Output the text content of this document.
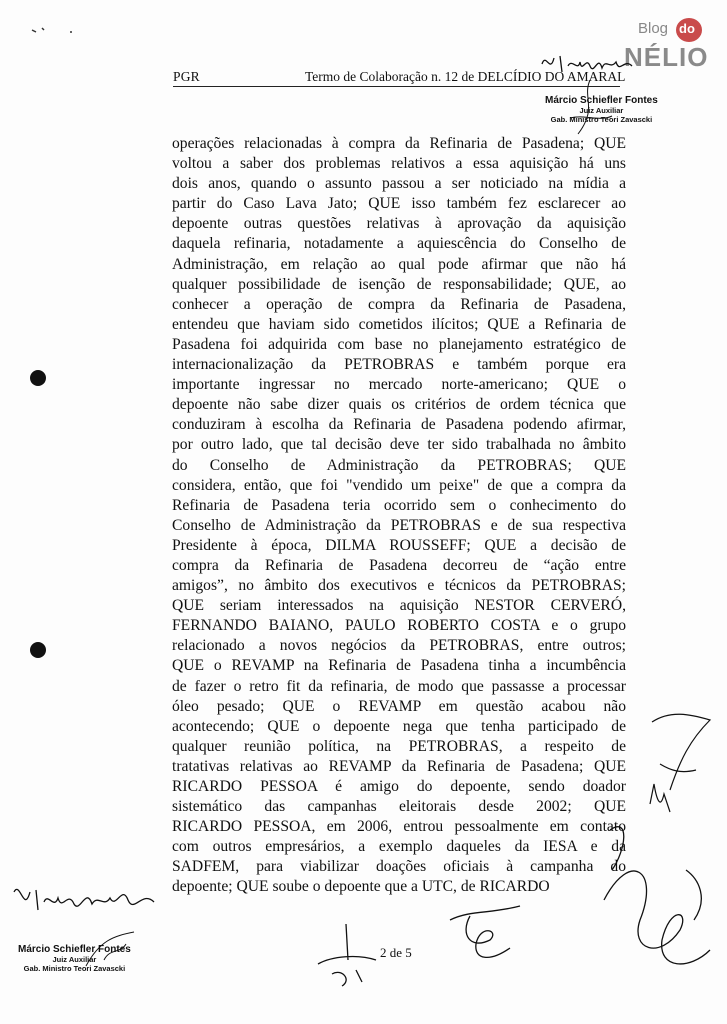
PGR	Termo de Colaboração n. 12 de DELCÍDIO DO AMARAL
Blog do
NÉLIO
Márcio Schiefler Fontes
Juiz Auxiliar
Gab. Ministro Teori Zavascki
operações relacionadas à compra da Refinaria de Pasadena; QUE
voltou a saber dos problemas relativos a essa aquisição há uns
dois anos, quando o assunto passou a ser noticiado na mídia a
partir do Caso Lava Jato; QUE isso também fez esclarecer ao
depoente outras questões relativas à aprovação da aquisição
daquela refinaria, notadamente a aquiescência do Conselho de
Administração, em relação ao qual pode afirmar que não há
qualquer possibilidade de isenção de responsabilidade; QUE, ao
conhecer a operação de compra da Refinaria de Pasadena,
entendeu que haviam sido cometidos ilícitos; QUE a Refinaria de
Pasadena foi adquirida com base no planejamento estratégico de
internacionalização da PETROBRAS e também porque era
importante ingressar no mercado norte-americano; QUE o
depoente não sabe dizer quais os critérios de ordem técnica que
conduziram à escolha da Refinaria de Pasadena podendo afirmar,
por outro lado, que tal decisão deve ter sido trabalhada no âmbito
do Conselho de Administração da PETROBRAS; QUE
considera, então, que foi "vendido um peixe" de que a compra da
Refinaria de Pasadena teria ocorrido sem o conhecimento do
Conselho de Administração da PETROBRAS e de sua respectiva
Presidente à época, DILMA ROUSSEFF; QUE a decisão de
compra da Refinaria de Pasadena decorreu de “ação entre
amigos”, no âmbito dos executivos e técnicos da PETROBRAS;
QUE seriam interessados na aquisição NESTOR CERVERÓ,
FERNANDO BAIANO, PAULO ROBERTO COSTA e o grupo
relacionado a novos negócios da PETROBRAS, entre outros;
QUE o REVAMP na Refinaria de Pasadena tinha a incumbência
de fazer o retro fit da refinaria, de modo que passasse a processar
óleo pesado; QUE o REVAMP em questão acabou não
acontecendo; QUE o depoente nega que tenha participado de
qualquer reunião política, na PETROBRAS, a respeito de
tratativas relativas ao REVAMP da Refinaria de Pasadena; QUE
RICARDO PESSOA é amigo do depoente, sendo doador
sistemático das campanhas eleitorais desde 2002; QUE
RICARDO PESSOA, em 2006, entrou pessoalmente em contato
com outros empresários, a exemplo daqueles da IESA e da
SADFEM, para viabilizar doações oficiais à campanha do
depoente; QUE soube o depoente que a UTC, de RICARDO
Márcio Schiefler Fontes
Juiz Auxiliar
Gab. Ministro Teori Zavascki
2 de 5
